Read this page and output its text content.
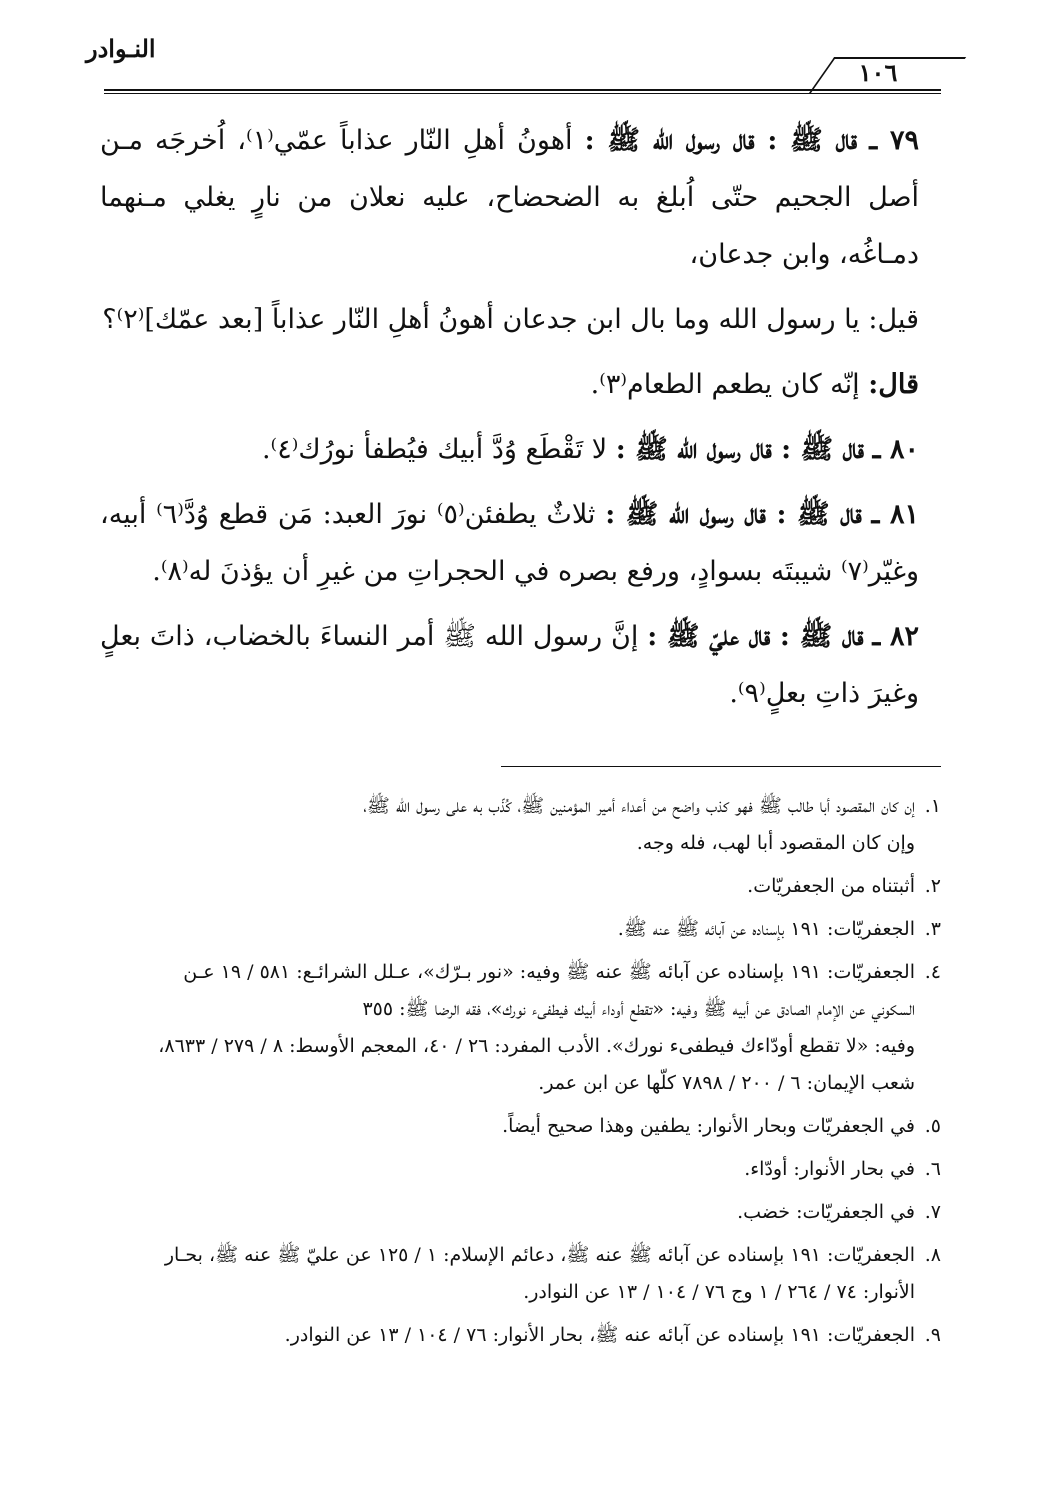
النـوادر
١٠٦

٧٩ ـ قال ﷺ : قال رسول الله ﷺ : أهونُ أهلِ النّار عذاباً عمّي⁽١⁾، اُخرجَه مـن أصل الجحيم حتّى اُبلغ به الضحضاح، عليه نعلان من نارٍ يغلي مـنهما دمـاغُه، وابن جدعان،

قيل: يا رسول الله وما بال ابن جدعان أهونُ أهلِ النّار عذاباً [بعد عمّك]⁽٢⁾؟

قال: إنّه كان يطعم الطعام⁽٣⁾.

٨٠ ـ قال ﷺ : قال رسول الله ﷺ : لا تَقْطَع وُدَّ أبيك فيُطفأ نورُك⁽٤⁾.

٨١ ـ قال ﷺ : قال رسول الله ﷺ : ثلاثٌ يطفئن⁽٥⁾ نورَ العبد: مَن قطع وُدَّ⁽٦⁾ أبيه، وغيّر⁽٧⁾ شيبتَه بسوادٍ، ورفع بصره في الحجراتِ من غيرِ أن يؤذنَ له⁽٨⁾.

٨٢ ـ قال ﷺ : قال عليّ ﷺ : إنَّ رسول الله ﷺ أمر النساءَ بالخضاب، ذاتَ بعلٍ وغيرَ ذاتِ بعلٍ⁽٩⁾.

١.
إن كان المقصود أبا طالب ﷺ فهو كذب واضح من أعداء أمير المؤمنين ﷺ، كُذّب به على رسول الله ﷺ،
وإن كان المقصود أبا لهب، فله وجه.

٢.
أثبتناه من الجعفريّات.

٣.
الجعفريّات: ١٩١ بإسناده عن آبائه ﷺ عنه ﷺ.

٤.
الجعفريّات: ١٩١ بإسناده عن آبائه ﷺ عنه ﷺ وفيه: «نور بـرّك»، عـلل الشرائـع: ٥٨١ / ١٩ عـن
السكوني عن الإمام الصادق عن أبيه ﷺ وفيه: «تقطع أوداء أبيك فيطفىء نورك»، فقه الرضا ﷺ: ٣٥٥
وفيه: «لا تقطع أودّاءك فيطفىء نورك». الأدب المفرد: ٢٦ / ٤٠، المعجم الأوسط: ٨ / ٢٧٩ / ٨٦٣٣،
شعب الإيمان: ٦ / ٢٠٠ / ٧٨٩٨ كلّها عن ابن عمر.

٥.
في الجعفريّات وبحار الأنوار: يطفين وهذا صحيح أيضاً.

٦.
في بحار الأنوار: أودّاء.

٧.
في الجعفريّات: خضب.

٨.
الجعفريّات: ١٩١ بإسناده عن آبائه ﷺ عنه ﷺ، دعائم الإسلام: ١ / ١٢٥ عن عليّ ﷺ عنه ﷺ، بحـار
الأنوار: ٧٤ / ٢٦٤ / ١ وج ٧٦ / ١٠٤ / ١٣ عن النوادر.

٩.
الجعفريّات: ١٩١ بإسناده عن آبائه عنه ﷺ، بحار الأنوار: ٧٦ / ١٠٤ / ١٣ عن النوادر.
